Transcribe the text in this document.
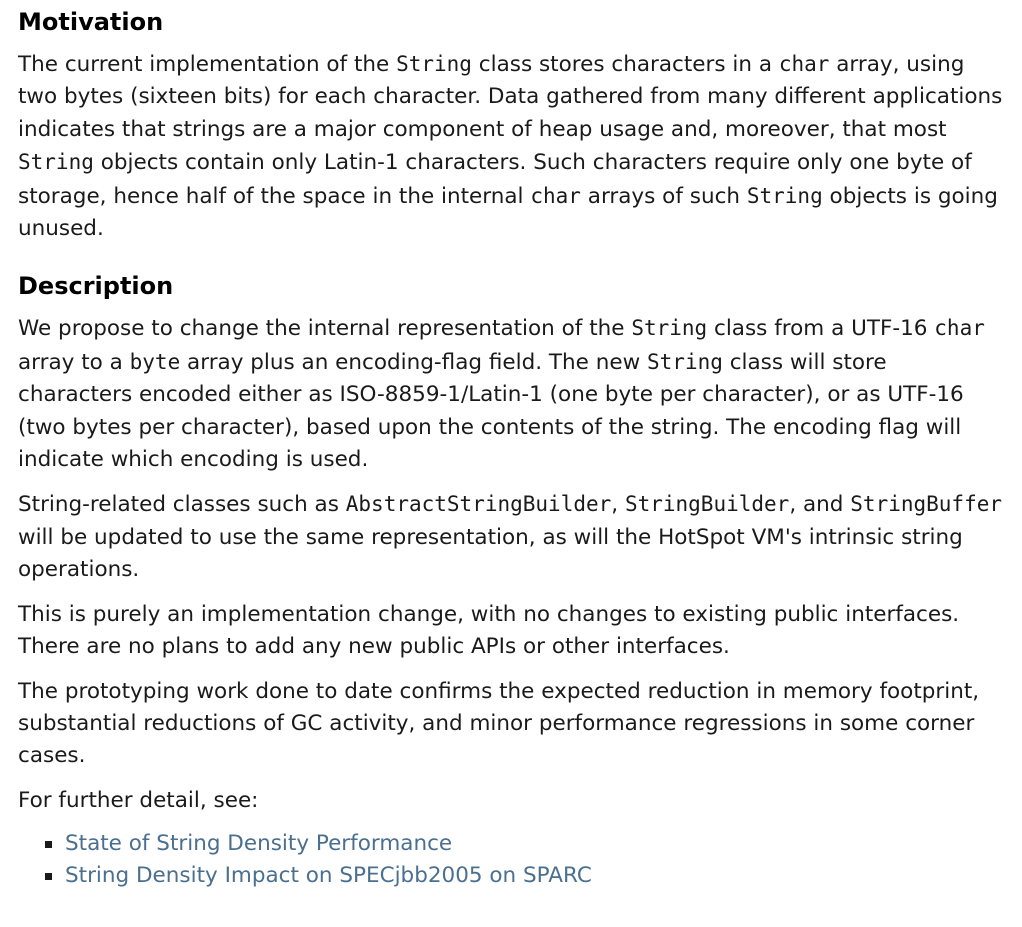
Motivation

The current implementation of the String class stores characters in a char array, using two bytes (sixteen bits) for each character. Data gathered from many different applications indicates that strings are a major component of heap usage and, moreover, that most String objects contain only Latin-1 characters. Such characters require only one byte of storage, hence half of the space in the internal char arrays of such String objects is going unused.

Description

We propose to change the internal representation of the String class from a UTF-16 char array to a byte array plus an encoding-flag field. The new String class will store characters encoded either as ISO-8859-1/Latin-1 (one byte per character), or as UTF-16 (two bytes per character), based upon the contents of the string. The encoding flag will indicate which encoding is used.

String-related classes such as AbstractStringBuilder, StringBuilder, and StringBuffer will be updated to use the same representation, as will the HotSpot VM's intrinsic string operations.

This is purely an implementation change, with no changes to existing public interfaces. There are no plans to add any new public APIs or other interfaces.

The prototyping work done to date confirms the expected reduction in memory footprint, substantial reductions of GC activity, and minor performance regressions in some corner cases.

For further detail, see:

State of String Density Performance
String Density Impact on SPECjbb2005 on SPARC
